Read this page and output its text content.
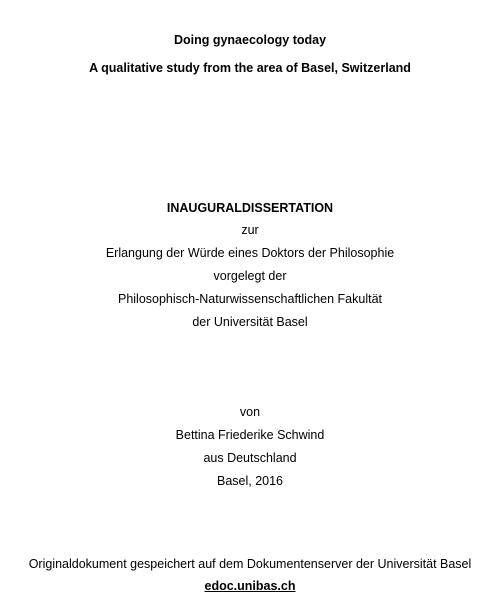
Doing gynaecology today
A qualitative study from the area of Basel, Switzerland
INAUGURALDISSERTATION
zur
Erlangung der Würde eines Doktors der Philosophie
vorgelegt der
Philosophisch-Naturwissenschaftlichen Fakultät
der Universität Basel
von
Bettina Friederike Schwind
aus Deutschland
Basel, 2016
Originaldokument gespeichert auf dem Dokumentenserver der Universität Basel
edoc.unibas.ch
